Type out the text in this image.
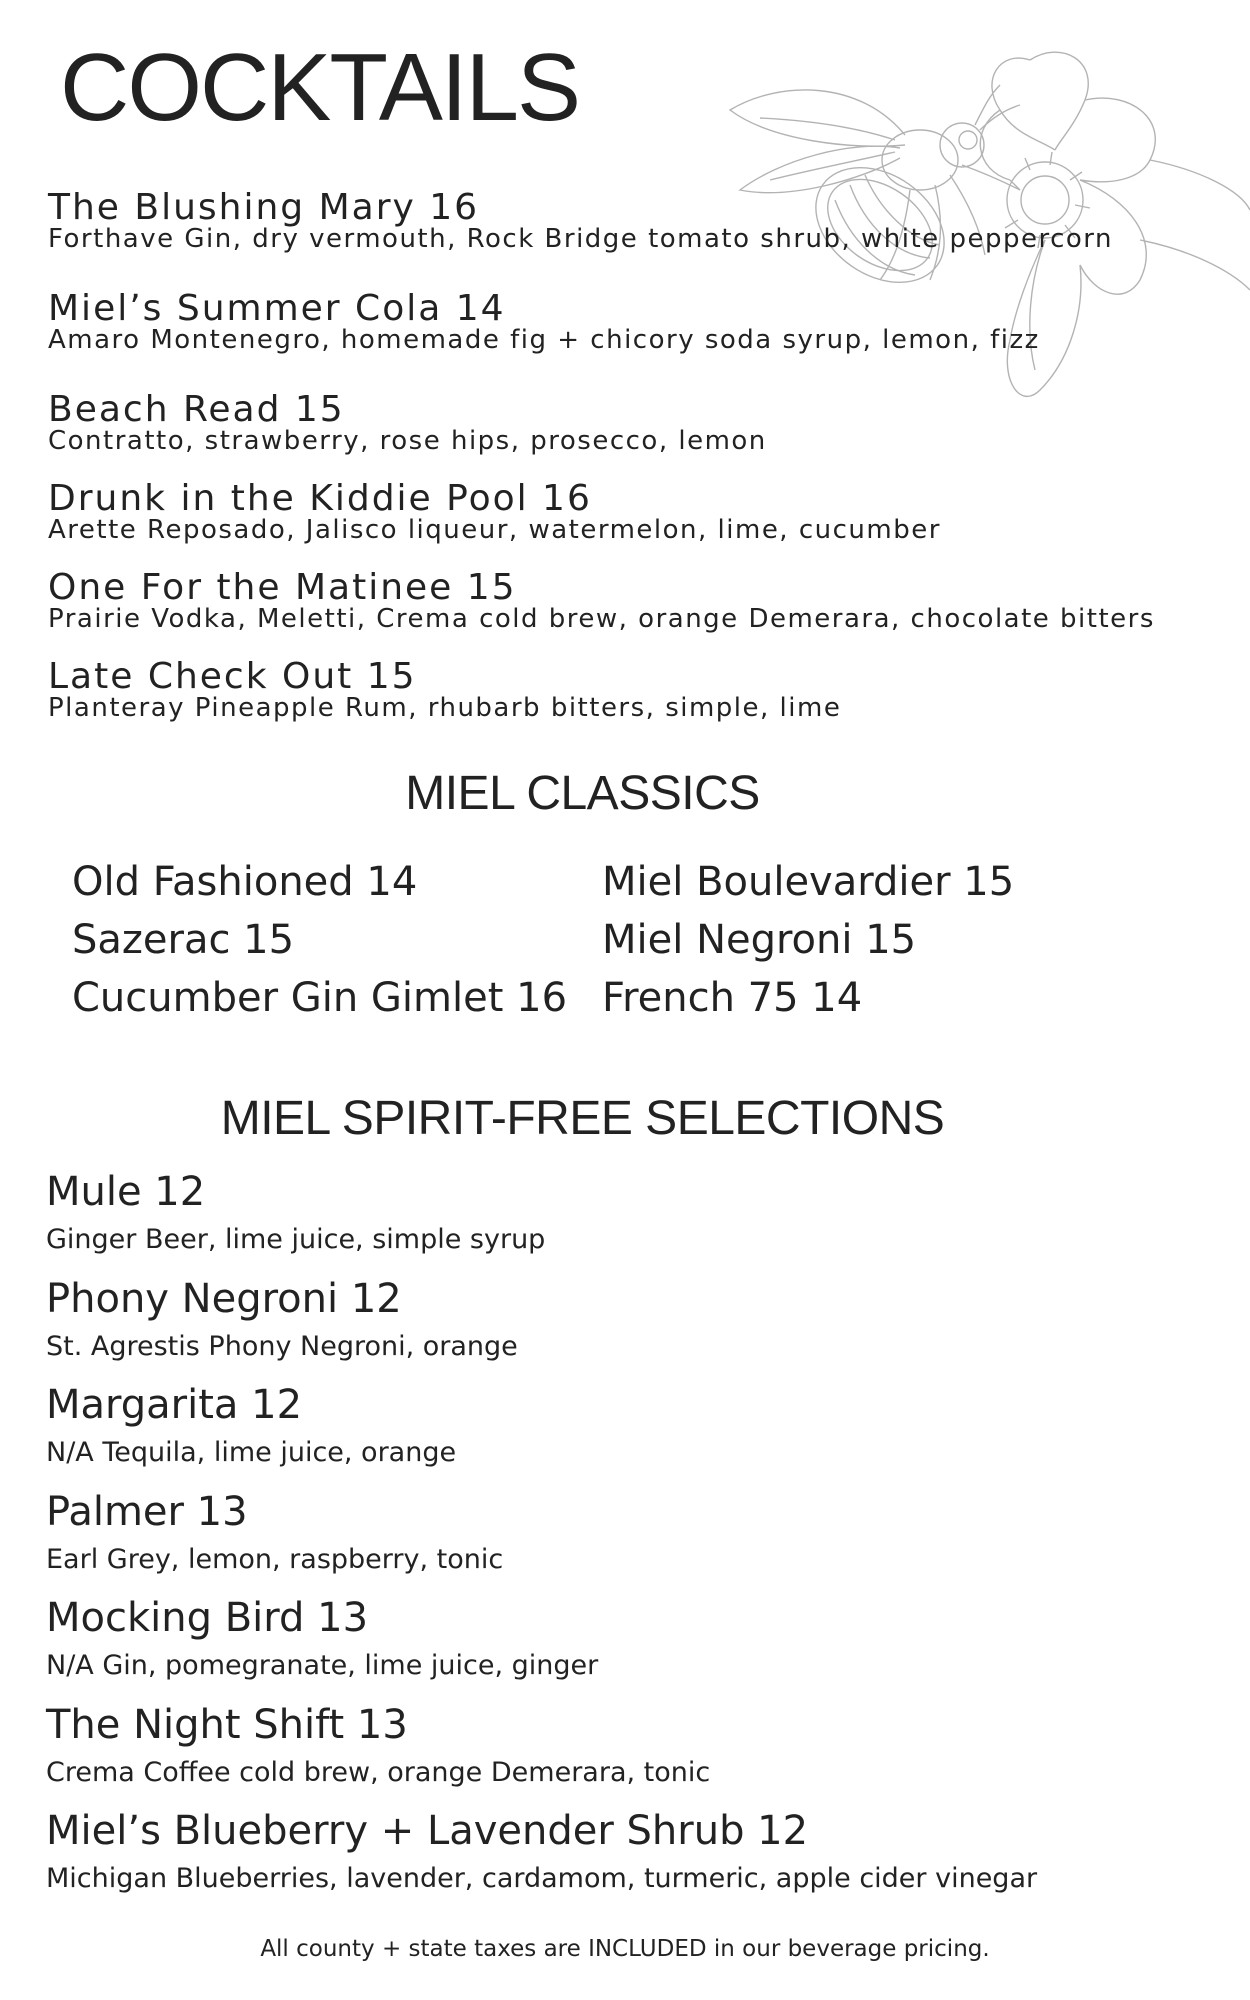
COCKTAILS
The Blushing Mary 16
Forthave Gin, dry vermouth, Rock Bridge tomato shrub, white peppercorn
Miel’s Summer Cola 14
Amaro Montenegro, homemade fig + chicory soda syrup, lemon, fizz
Beach Read 15
Contratto, strawberry, rose hips, prosecco, lemon
Drunk in the Kiddie Pool 16
Arette Reposado, Jalisco liqueur, watermelon, lime, cucumber
One For the Matinee 15
Prairie Vodka, Meletti, Crema cold brew, orange Demerara, chocolate bitters
Late Check Out 15
Planteray Pineapple Rum, rhubarb bitters, simple, lime
MIEL CLASSICS
Old Fashioned 14	Miel Boulevardier 15
Sazerac 15	Miel Negroni 15
Cucumber Gin Gimlet 16 French 75 14
MIEL SPIRIT-FREE SELECTIONS
Mule 12
Ginger Beer, lime juice, simple syrup
Phony Negroni 12
St. Agrestis Phony Negroni, orange
Margarita 12
N/A Tequila, lime juice, orange
Palmer 13
Earl Grey, lemon, raspberry, tonic
Mocking Bird 13
N/A Gin, pomegranate, lime juice, ginger
The Night Shift 13
Crema Coffee cold brew, orange Demerara, tonic
Miel’s Blueberry + Lavender Shrub 12
Michigan Blueberries, lavender, cardamom, turmeric, apple cider vinegar
All county + state taxes are INCLUDED in our beverage pricing.
